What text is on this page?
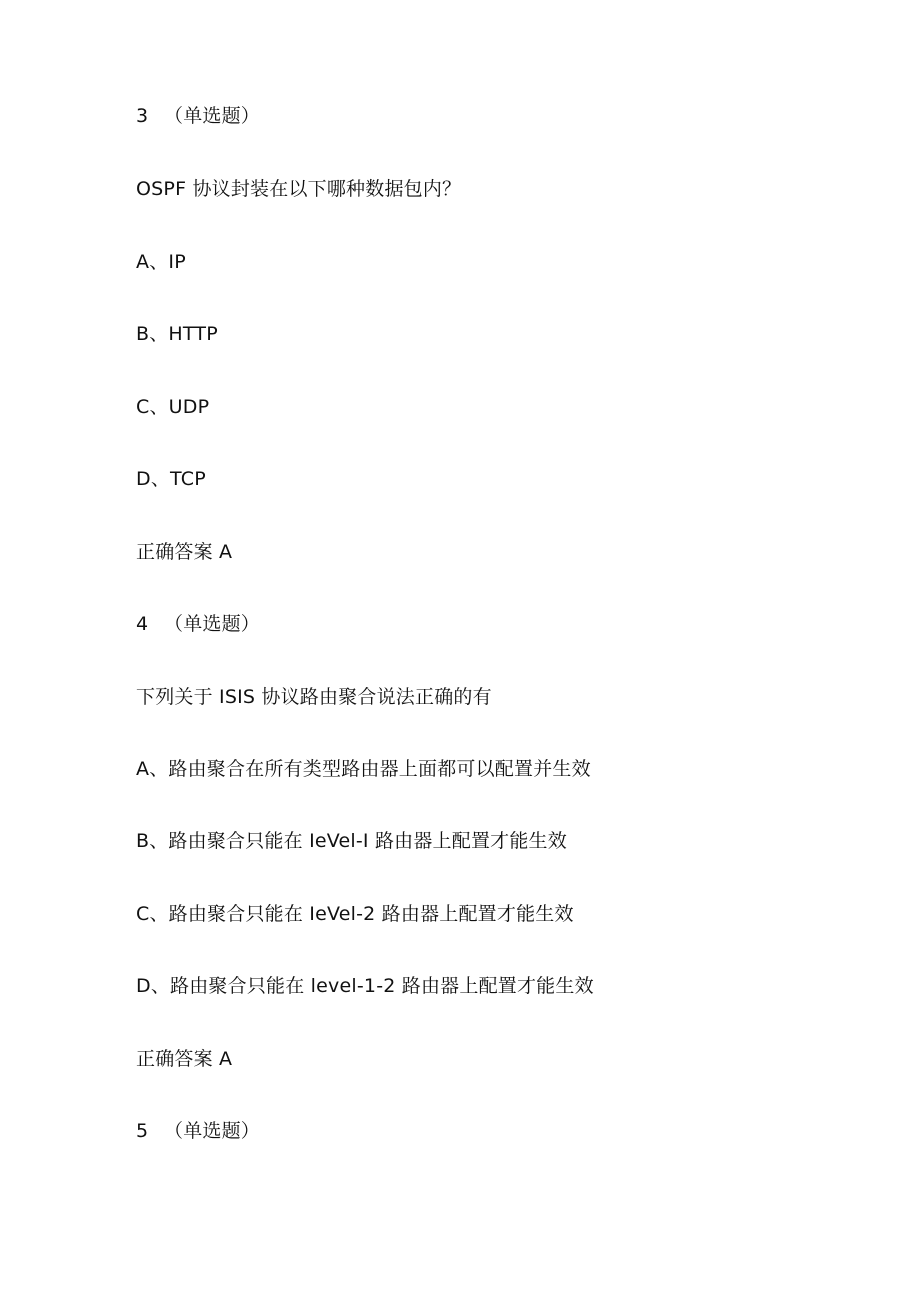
3 （单选题）
OSPF 协议封装在以下哪种数据包内？
A、IP
B、HTTP
C、UDP
D、TCP
正确答案 A
4 （单选题）
下列关于 ISIS 协议路由聚合说法正确的有
A、路由聚合在所有类型路由器上面都可以配置并生效
B、路由聚合只能在 IeVel-I 路由器上配置才能生效
C、路由聚合只能在 IeVel-2 路由器上配置才能生效
D、路由聚合只能在 level-1-2 路由器上配置才能生效
正确答案 A
5 （单选题）
